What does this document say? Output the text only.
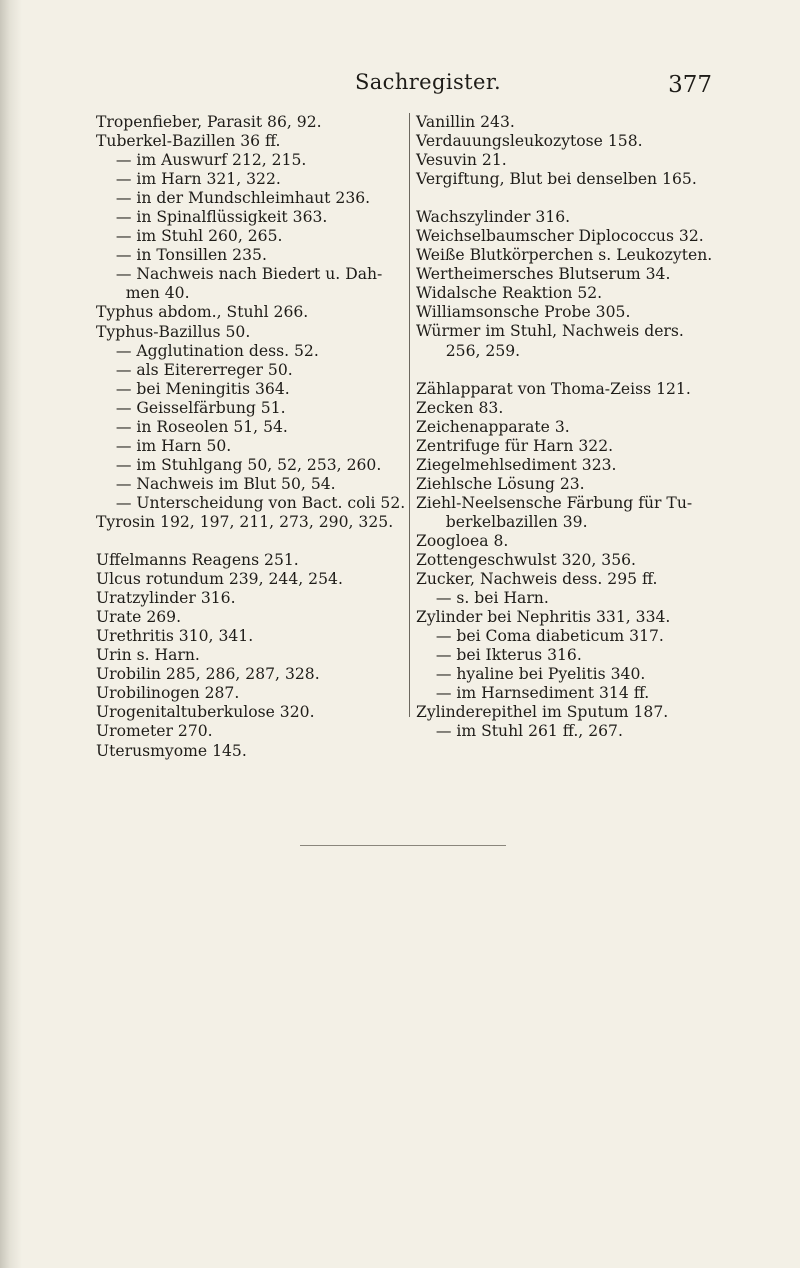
Sachregister.	377
Tropenfieber, Parasit 86, 92.
Tuberkel-Bazillen 36 ff.
— im Auswurf 212, 215.
— im Harn 321, 322.
— in der Mundschleimhaut 236.
— in Spinalflüssigkeit 363.
— im Stuhl 260, 265.
— in Tonsillen 235.
— Nachweis nach Biedert u. Dah-
men 40.
Typhus abdom., Stuhl 266.
Typhus-Bazillus 50.
— Agglutination dess. 52.
— als Eitererreger 50.
— bei Meningitis 364.
— Geisselfärbung 51.
— in Roseolen 51, 54.
— im Harn 50.
— im Stuhlgang 50, 52, 253, 260.
— Nachweis im Blut 50, 54.
— Unterscheidung von Bact. coli 52.
Tyrosin 192, 197, 211, 273, 290, 325.
Uffelmanns Reagens 251.
Ulcus rotundum 239, 244, 254.
Uratzylinder 316.
Urate 269.
Urethritis 310, 341.
Urin s. Harn.
Urobilin 285, 286, 287, 328.
Urobilinogen 287.
Urogenitaltuberkulose 320.
Urometer 270.
Uterusmyome 145.
Vanillin 243.
Verdauungsleukozytose 158.
Vesuvin 21.
Vergiftung, Blut bei denselben 165.
Wachszylinder 316.
Weichselbaumscher Diplococcus 32.
Weiße Blutkörperchen s. Leukozyten.
Wertheimersches Blutserum 34.
Widalsche Reaktion 52.
Williamsonsche Probe 305.
Würmer im Stuhl, Nachweis ders.
256, 259.
Zählapparat von Thoma-Zeiss 121.
Zecken 83.
Zeichenapparate 3.
Zentrifuge für Harn 322.
Ziegelmehlsediment 323.
Ziehlsche Lösung 23.
Ziehl-Neelsensche Färbung für Tu-
berkelbazillen 39.
Zoogloea 8.
Zottengeschwulst 320, 356.
Zucker, Nachweis dess. 295 ff.
— s. bei Harn.
Zylinder bei Nephritis 331, 334.
— bei Coma diabeticum 317.
— bei Ikterus 316.
— hyaline bei Pyelitis 340.
— im Harnsediment 314 ff.
Zylinderepithel im Sputum 187.
— im Stuhl 261 ff., 267.
